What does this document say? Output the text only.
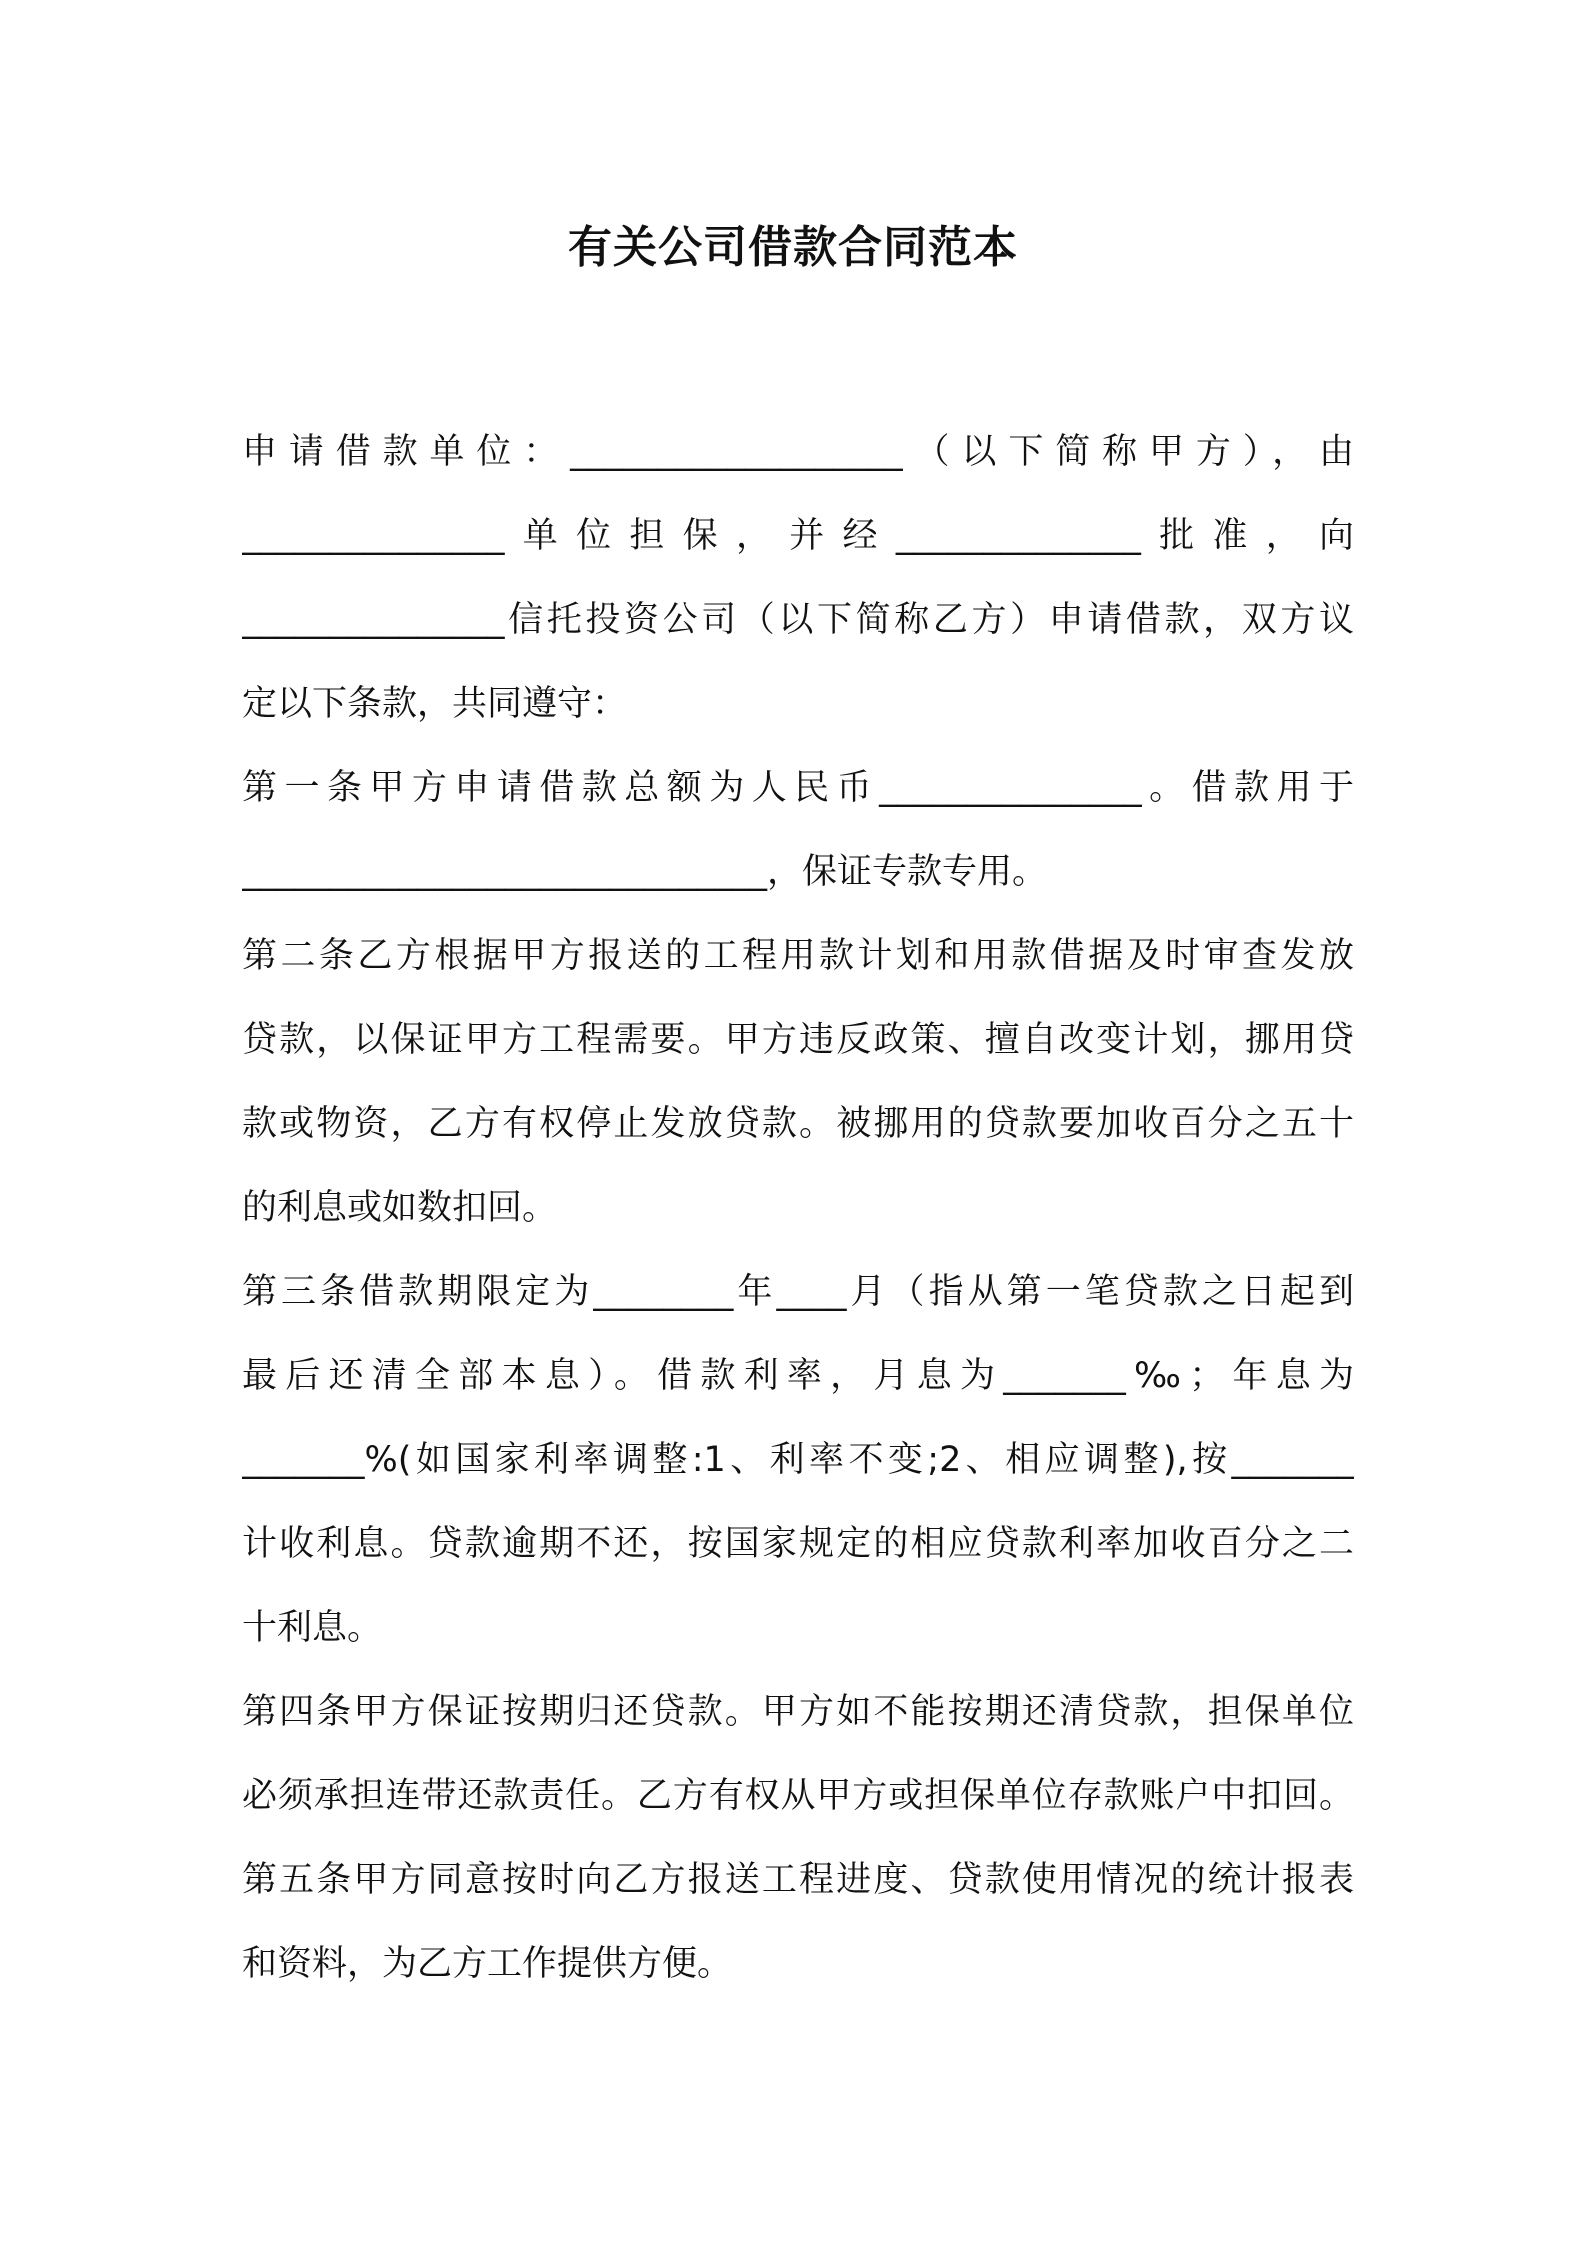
有关公司借款合同范本
申请借款单位：___________________（以下简称甲方），由
_______________单位担保，并经______________批准，向
_______________信托投资公司（以下简称乙方）申请借款，双方议
定以下条款，共同遵守：
第一条甲方申请借款总额为人民币_______________。借款用于
______________________________，保证专款专用。
第二条乙方根据甲方报送的工程用款计划和用款借据及时审查发放
贷款，以保证甲方工程需要。甲方违反政策、擅自改变计划，挪用贷
款或物资，乙方有权停止发放贷款。被挪用的贷款要加收百分之五十
的利息或如数扣回。
第三条借款期限定为________年____月（指从第一笔贷款之日起到
最后还清全部本息）。借款利率，月息为_______‰；年息为
_______%(如国家利率调整:1、利率不变;2、相应调整),按_______
计收利息。贷款逾期不还，按国家规定的相应贷款利率加收百分之二
十利息。
第四条甲方保证按期归还贷款。甲方如不能按期还清贷款，担保单位
必须承担连带还款责任。乙方有权从甲方或担保单位存款账户中扣回。
第五条甲方同意按时向乙方报送工程进度、贷款使用情况的统计报表
和资料，为乙方工作提供方便。
